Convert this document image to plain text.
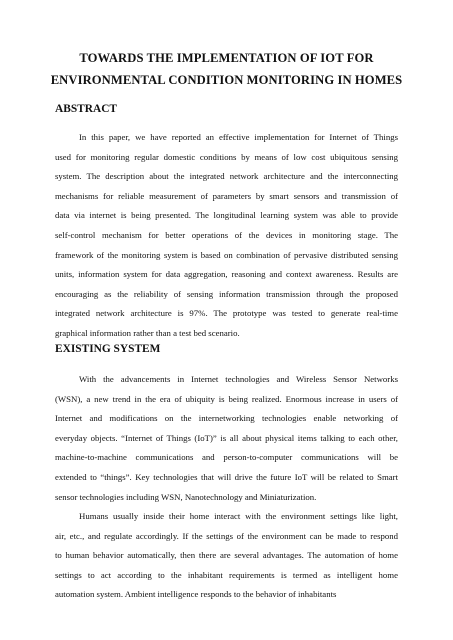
TOWARDS THE IMPLEMENTATION OF IOT FOR
ENVIRONMENTAL CONDITION MONITORING IN HOMES
ABSTRACT
In this paper, we have reported an effective implementation for Internet of Things
used for monitoring regular domestic conditions by means of low cost ubiquitous sensing
system. The description about the integrated network architecture and the interconnecting
mechanisms for reliable measurement of parameters by smart sensors and transmission of
data via internet is being presented. The longitudinal learning system was able to provide
self-control mechanism for better operations of the devices in monitoring stage. The
framework of the monitoring system is based on combination of pervasive distributed sensing
units, information system for data aggregation, reasoning and context awareness. Results are
encouraging as the reliability of sensing information transmission through the proposed
integrated network architecture is 97%. The prototype was tested to generate real-time
graphical information rather than a test bed scenario.
EXISTING SYSTEM
With the advancements in Internet technologies and Wireless Sensor Networks
(WSN), a new trend in the era of ubiquity is being realized. Enormous increase in users of
Internet and modifications on the internetworking technologies enable networking of
everyday objects. “Internet of Things (IoT)” is all about physical items talking to each other,
machine-to-machine communications and person-to-computer communications will be
extended to “things”. Key technologies that will drive the future IoT will be related to Smart
sensor technologies including WSN, Nanotechnology and Miniaturization.
Humans usually inside their home interact with the environment settings like light,
air, etc., and regulate accordingly. If the settings of the environment can be made to respond
to human behavior automatically, then there are several advantages. The automation of home
settings to act according to the inhabitant requirements is termed as intelligent home
automation system. Ambient intelligence responds to the behavior of inhabitants
